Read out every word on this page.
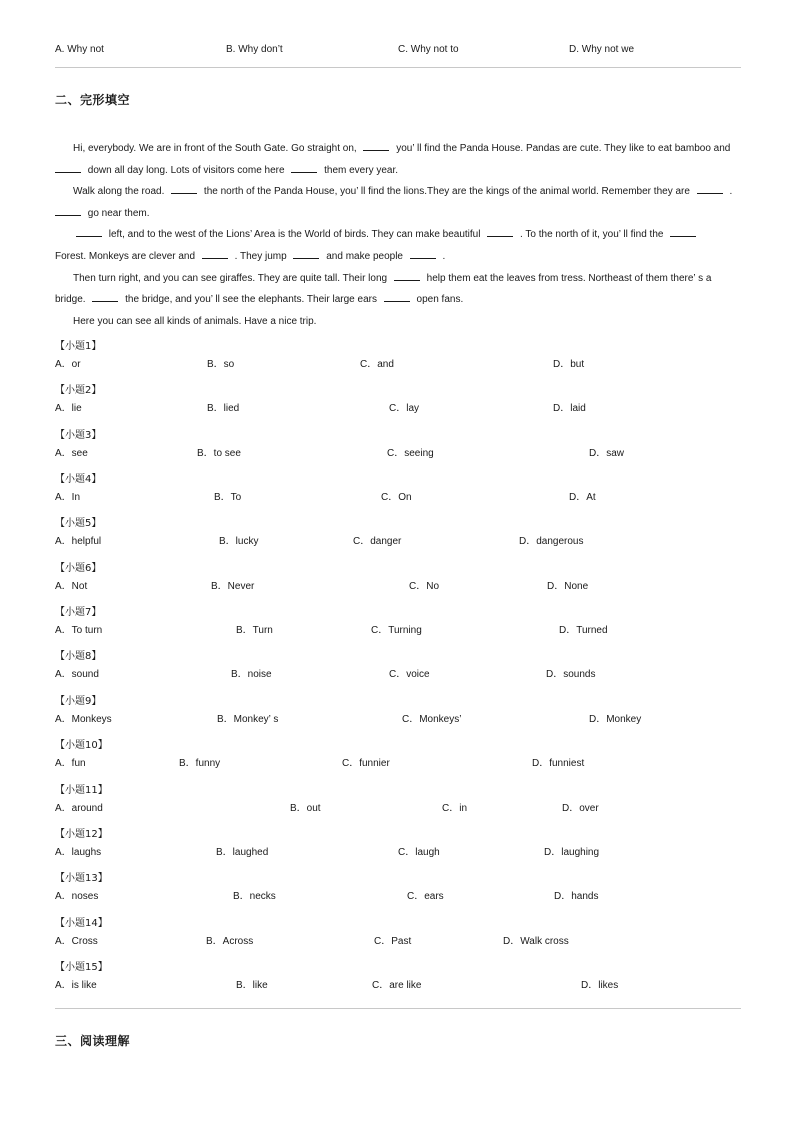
A. Why not	B. Why don’t	C. Why not to	D. Why not we
二、完形填空
Hi, everybody. We are in front of the South Gate. Go straight on,	you’ ll find the Panda House. Pandas are cute. They like to eat bamboo and
down all day long. Lots of visitors come here	them every year.
Walk along the road.	the north of the Panda House, you’ ll find the lions.They are the kings of the animal world. Remember they are	.
go near them.
left, and to the west of the Lions’ Area is the World of birds. They can make beautiful	. To the north of it, you’ ll find the
Forest. Monkeys are clever and	. They jump	and make people	.
Then turn right, and you can see giraffes. They are quite tall. Their long	help them eat the leaves from tress. Northeast of them there’ s a
bridge.	the bridge, and you’ ll see the elephants. Their large ears	open fans.
Here you can see all kinds of animals. Have a nice trip.
【小题1】
A．or	B．so	C．and	D．but
【小题2】
A．lie	B．lied	C．lay	D．laid
【小题3】
A．see	B．to see	C．seeing	D．saw
【小题4】
A．In	B．To	C．On	D．At
【小题5】
A．helpful	B．lucky	C．danger	D．dangerous
【小题6】
A．Not	B．Never	C．No	D．None
【小题7】
A．To turn	B．Turn	C．Turning	D．Turned
【小题8】
A．sound	B．noise	C．voice	D．sounds
【小题9】
A．Monkeys	B．Monkey’ s	C．Monkeys’	D．Monkey
【小题10】
A．fun	B．funny	C．funnier	D．funniest
【小题11】
A．around	B．out	C．in	D．over
【小题12】
A．laughs	B．laughed	C．laugh	D．laughing
【小题13】
A．noses	B．necks	C．ears	D．hands
【小题14】
A．Cross	B．Across	C．Past	D．Walk cross
【小题15】
A．is like	B．like	C．are like	D．likes
三、阅读理解
